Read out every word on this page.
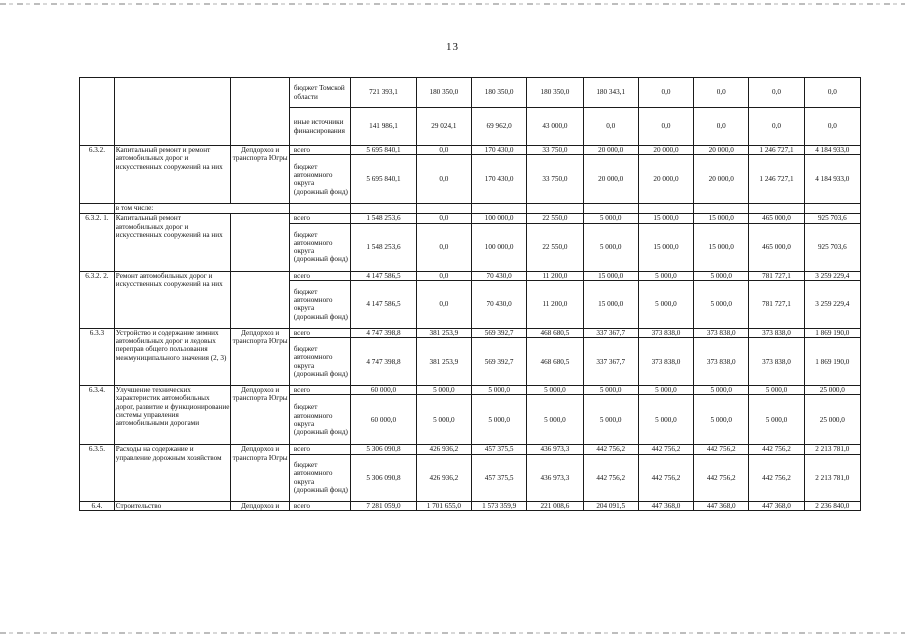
13
			бюджет Томской области	721 393,1	180 350,0	180 350,0	180 350,0	180 343,1	0,0	0,0	0,0	0,0
			иные источники финансирования	141 986,1	29 024,1	69 962,0	43 000,0	0,0	0,0	0,0	0,0	0,0
6.3.2.	Капитальный ремонт и ремонт автомобильных дорог и искусственных сооружений на них	Депдорхоз и транспорта Югры	всего	5 695 840,1	0,0	170 430,0	33 750,0	20 000,0	20 000,0	20 000,0	1 246 727,1	4 184 933,0
			бюджет автономного округа (дорожный фонд)	5 695 840,1	0,0	170 430,0	33 750,0	20 000,0	20 000,0	20 000,0	1 246 727,1	4 184 933,0
	в том числе:											
6.3.2. 1.	Капитальный ремонт автомобильных дорог и искусственных сооружений на них		всего	1 548 253,6	0,0	100 000,0	22 550,0	5 000,0	15 000,0	15 000,0	465 000,0	925 703,6
			бюджет автономного округа (дорожный фонд)	1 548 253,6	0,0	100 000,0	22 550,0	5 000,0	15 000,0	15 000,0	465 000,0	925 703,6
6.3.2. 2.	Ремонт автомобильных дорог и искусственных сооружений на них		всего	4 147 586,5	0,0	70 430,0	11 200,0	15 000,0	5 000,0	5 000,0	781 727,1	3 259 229,4
			бюджет автономного округа (дорожный фонд)	4 147 586,5	0,0	70 430,0	11 200,0	15 000,0	5 000,0	5 000,0	781 727,1	3 259 229,4
6.3.3	Устройство и содержание зимних автомобильных дорог и ледовых переправ общего пользования межмуниципального значения (2, 3)	Депдорхоз и транспорта Югры	всего	4 747 398,8	381 253,9	569 392,7	468 680,5	337 367,7	373 838,0	373 838,0	373 838,0	1 869 190,0
			бюджет автономного округа (дорожный фонд)	4 747 398,8	381 253,9	569 392,7	468 680,5	337 367,7	373 838,0	373 838,0	373 838,0	1 869 190,0
6.3.4.	Улучшение технических характеристик автомобильных дорог, развитие и функционирование системы управления автомобильными дорогами	Депдорхоз и транспорта Югры	всего	60 000,0	5 000,0	5 000,0	5 000,0	5 000,0	5 000,0	5 000,0	5 000,0	25 000,0
			бюджет автономного округа (дорожный фонд)	60 000,0	5 000,0	5 000,0	5 000,0	5 000,0	5 000,0	5 000,0	5 000,0	25 000,0
6.3.5.	Расходы на содержание и управление дорожным хозяйством	Депдорхоз и транспорта Югры	всего	5 306 090,8	426 936,2	457 375,5	436 973,3	442 756,2	442 756,2	442 756,2	442 756,2	2 213 781,0
			бюджет автономного округа (дорожный фонд)	5 306 090,8	426 936,2	457 375,5	436 973,3	442 756,2	442 756,2	442 756,2	442 756,2	2 213 781,0
6.4.	Строительство	Депдорхоз и	всего	7 281 059,0	1 701 655,0	1 573 359,9	221 008,6	204 091,5	447 368,0	447 368,0	447 368,0	2 236 840,0
